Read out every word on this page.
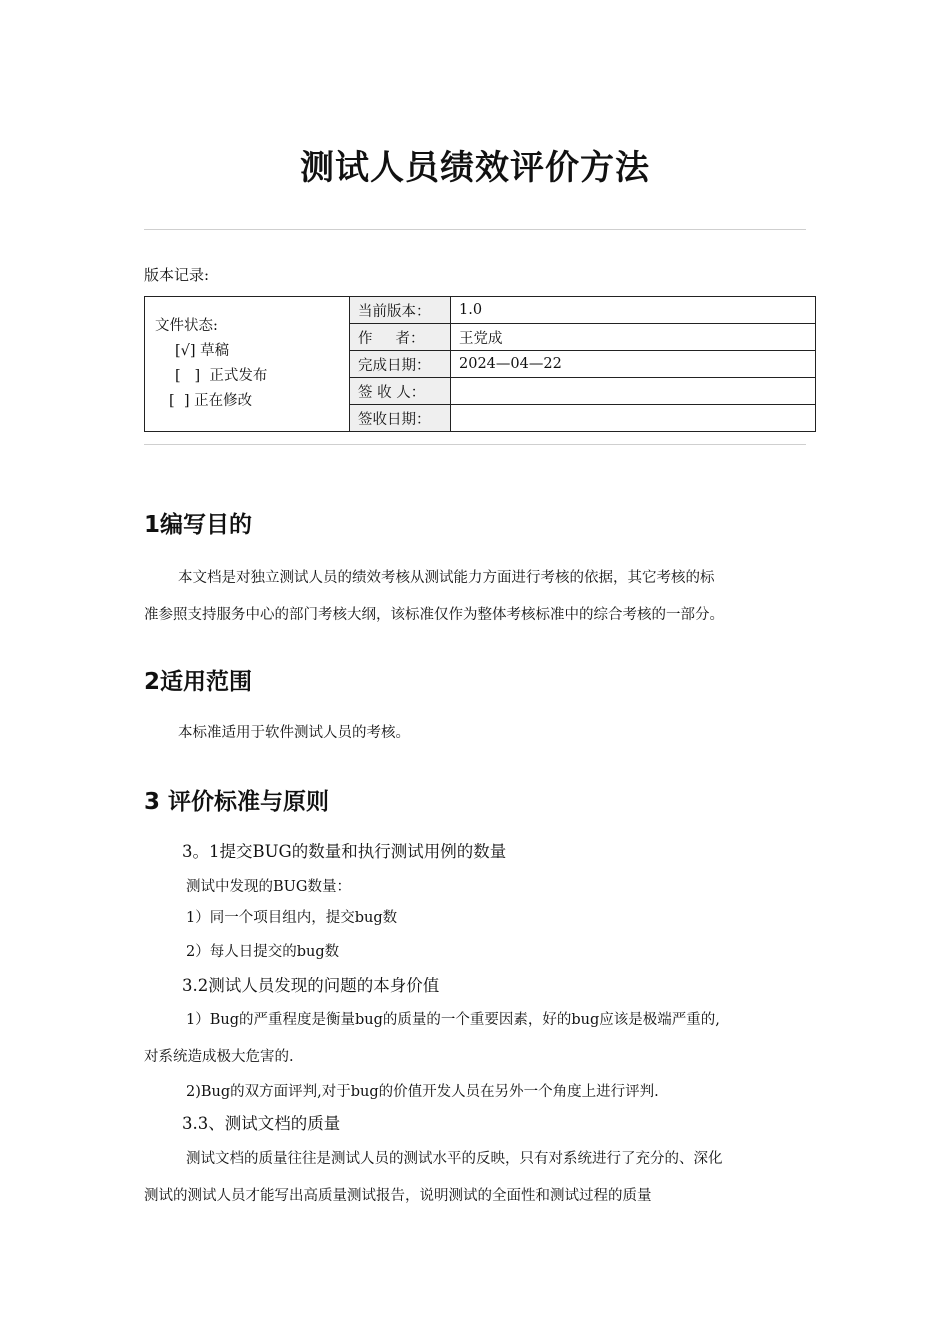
测试人员绩效评价方法
版本记录:
文件状态:
[√] 草稿
[   ]  正式发布
[  ] 正在修改	当前版本：	1.0
	作     者：	王党成
	完成日期：	2024—04—22
	签 收 人：	
	签收日期：	
1编写目的
本文档是对独立测试人员的绩效考核从测试能力方面进行考核的依据，其它考核的标
准参照支持服务中心的部门考核大纲，该标准仅作为整体考核标准中的综合考核的一部分。
2适用范围
本标准适用于软件测试人员的考核。
3 评价标准与原则
3。1提交BUG的数量和执行测试用例的数量
测试中发现的BUG数量：
1）同一个项目组内，提交bug数
2）每人日提交的bug数
3.2测试人员发现的问题的本身价值
1）Bug的严重程度是衡量bug的质量的一个重要因素，好的bug应该是极端严重的,
对系统造成极大危害的.
2)Bug的双方面评判,对于bug的价值开发人员在另外一个角度上进行评判.
3.3、测试文档的质量
测试文档的质量往往是测试人员的测试水平的反映，只有对系统进行了充分的、深化
测试的测试人员才能写出高质量测试报告，说明测试的全面性和测试过程的质量
